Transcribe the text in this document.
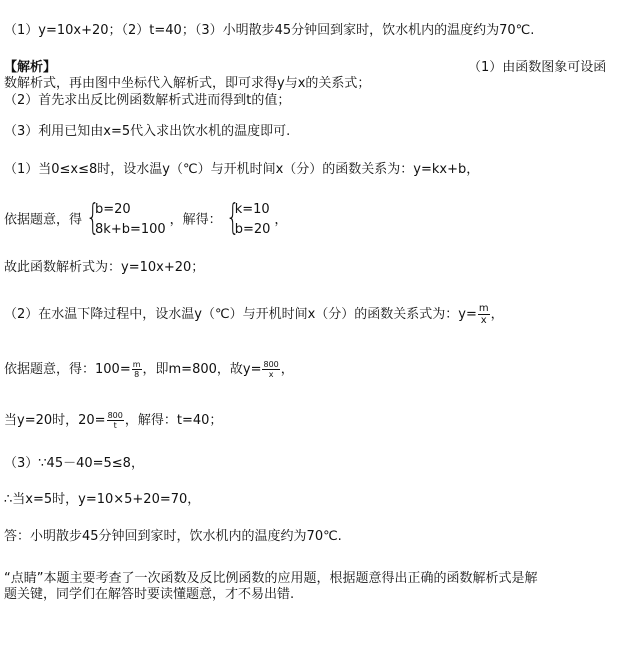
（1）y=10x+20；（2）t=40；（3）小明散步45分钟回到家时，饮水机内的温度约为70℃.
【解析】	（1）由函数图象可设函
数解析式，再由图中坐标代入解析式，即可求得y与x的关系式；
（2）首先求出反比例函数解析式进而得到t的值；
（3）利用已知由x=5代入求出饮水机的温度即可.
（1）当0≤x≤8时，设水温y（℃）与开机时间x（分）的函数关系为：y=kx+b，
依据题意，得 {
b=20
8k+b=100
，解得： {
k=10
b=20
，
故此函数解析式为：y=10x+20；
（2）在水温下降过程中，设水温y（℃）与开机时间x（分）的函数关系式为：$y= \frac{m}{x}$ ，
依据题意，得：$100= \frac{m}{8}$ ，即m=800，故$y= \frac{800}{x}$ ，
当y=20时，$20= \frac{800}{t}$ ，解得：t=40；
（3）∵45－40=5≤8，
∴当x=5时，y=10×5+20=70，
答：小明散步45分钟回到家时，饮水机内的温度约为70℃.
“点睛”本题主要考查了一次函数及反比例函数的应用题，根据题意得出正确的函数解析式是解
题关键，同学们在解答时要读懂题意，才不易出错.
